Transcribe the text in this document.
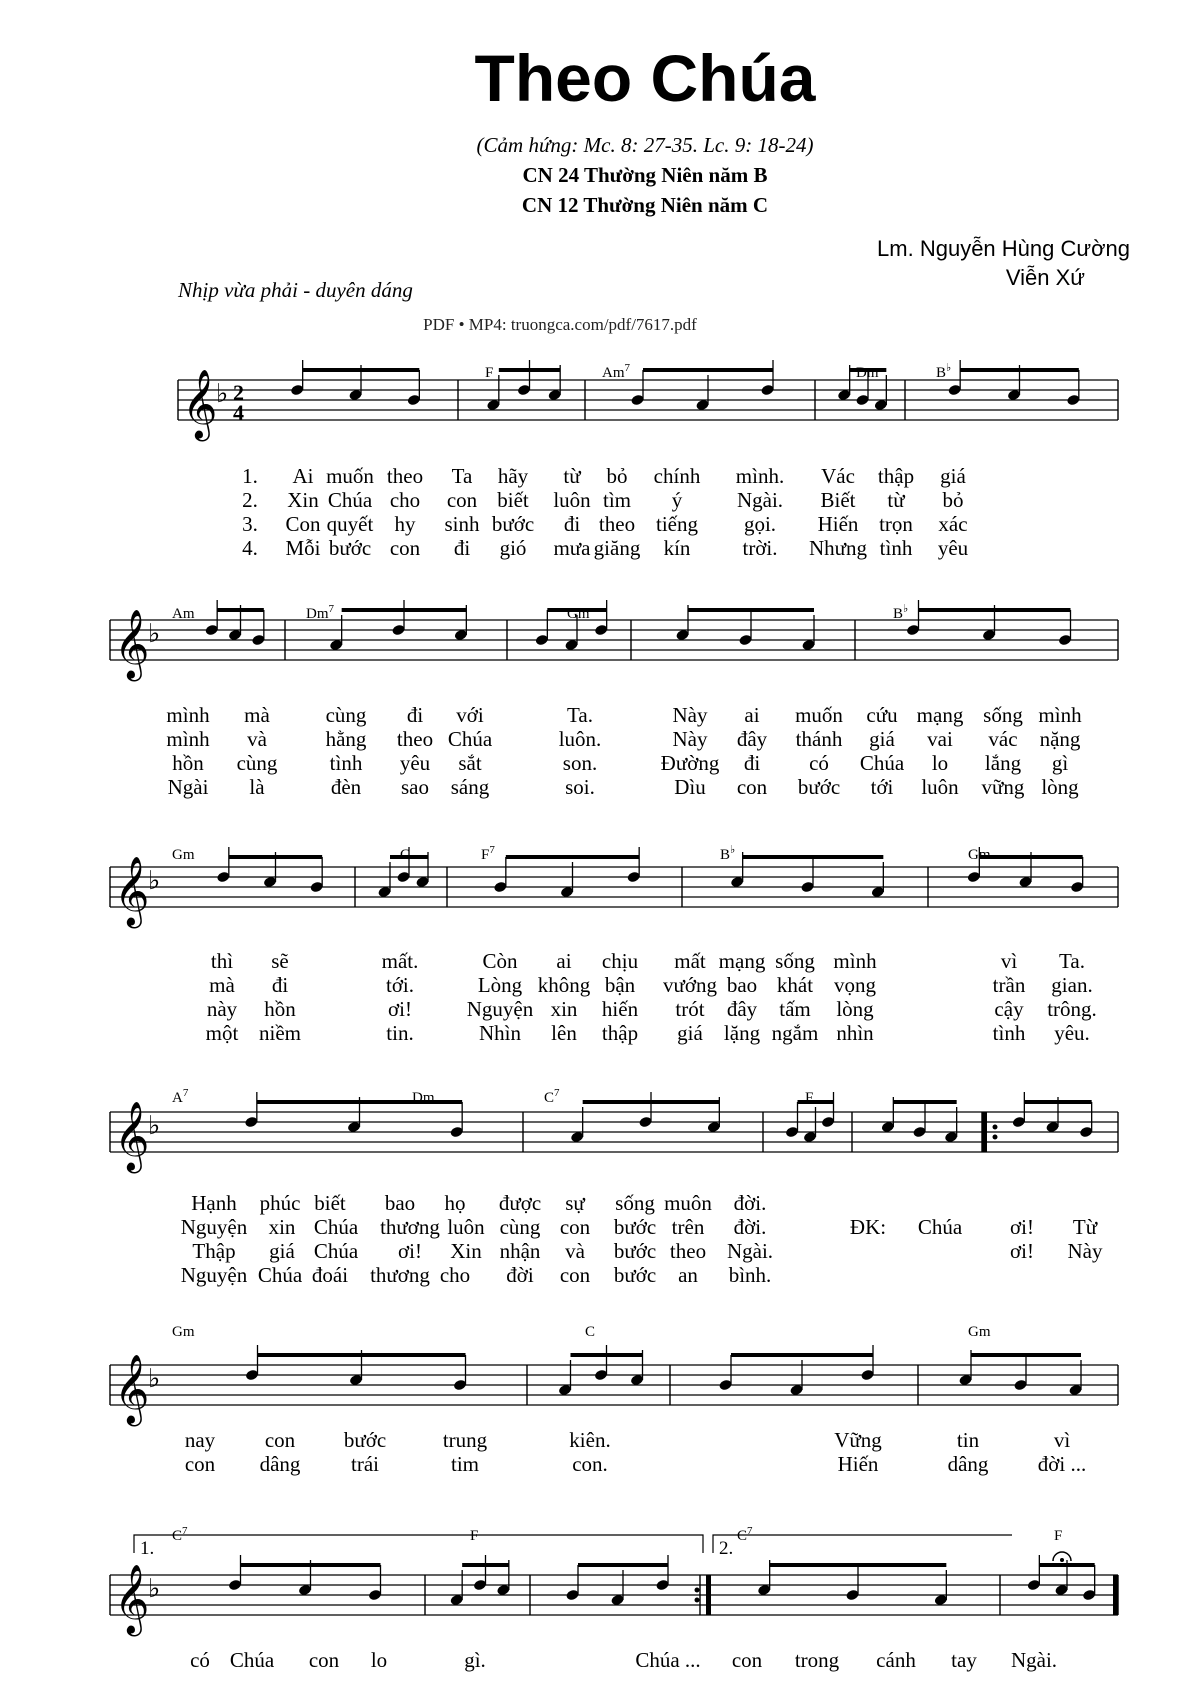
Theo Chúa
(Cảm hứng: Mc. 8: 27-35. Lc. 9: 18-24)
CN 24 Thường Niên năm B
CN 12 Thường Niên năm C
Lm. Nguyễn Hùng Cường
Viễn Xứ
Nhịp vừa phải - duyên dáng
PDF • MP4: truongca.com/pdf/7617.pdf
𝄞
♭ 2
4
𝄞
♭
𝄞
♭
𝄞
♭
𝄞
♭
𝄞
♭
1.	2.
F	Am$^7$	Dm	B♭
Am	Dm$^7$	Gm	B♭
Gm	C	$F^7$	B♭	Gm
$A^7$	Dm	$C^7$	F
Gm	C	Gm
$C^7$	F	$C^7$	F
1. Ai muốn theo Ta hãy từ bỏ chính mình. Vác thập giá
2. Xin Chúa cho con biết luôn tìm ý	Ngài. Biết từ bỏ
3. Con quyết hy sinh bước đi theo tiếng gọi. Hiến trọn xác
4. Mỗi bước con đi gió mưa giăng kín trời. Nhưng tình yêu
mình mà	cùng đi với	Ta.	Này ai muốn cứu mạng sống mình
mình và	hằng theo Chúa	luôn.	Này đây thánh giá vai vác nặng
hồn cùng tình yêu sắt	son.	Đường đi có Chúa lo lắng gì
Ngài là	đèn sao sáng	soi.	Dìu con bước tới luôn vững lòng
thì sẽ	mất.	Còn ai chịu mất mạng sống mình	vì Ta.
mà đi	tới.	Lòng không bận vướng bao khát vọng	trần gian.
này hồn	ơi!	Nguyện xin hiến trót đây tấm lòng	cậy trông.
một niềm	tin.	Nhìn lên thập giá lặng ngắm nhìn	tình yêu.
Hạnh phúc biết bao họ được sự sống muôn đời.
Nguyện xin Chúa thương luôn cùng con bước trên đời.	ĐK: Chúa ơi! Từ
Thập giá Chúa ơi! Xin nhận và bước theo Ngài.	ơi! Này
Nguyện Chúa đoái thương cho đời con bước an bình.
nay con bước	trung	kiên.	Vững	tin	vì
con dâng trái	tim	con.	Hiến	dâng đời ...
có Chúa con lo	gì.	Chúa ... con trong cánh tay Ngài.
